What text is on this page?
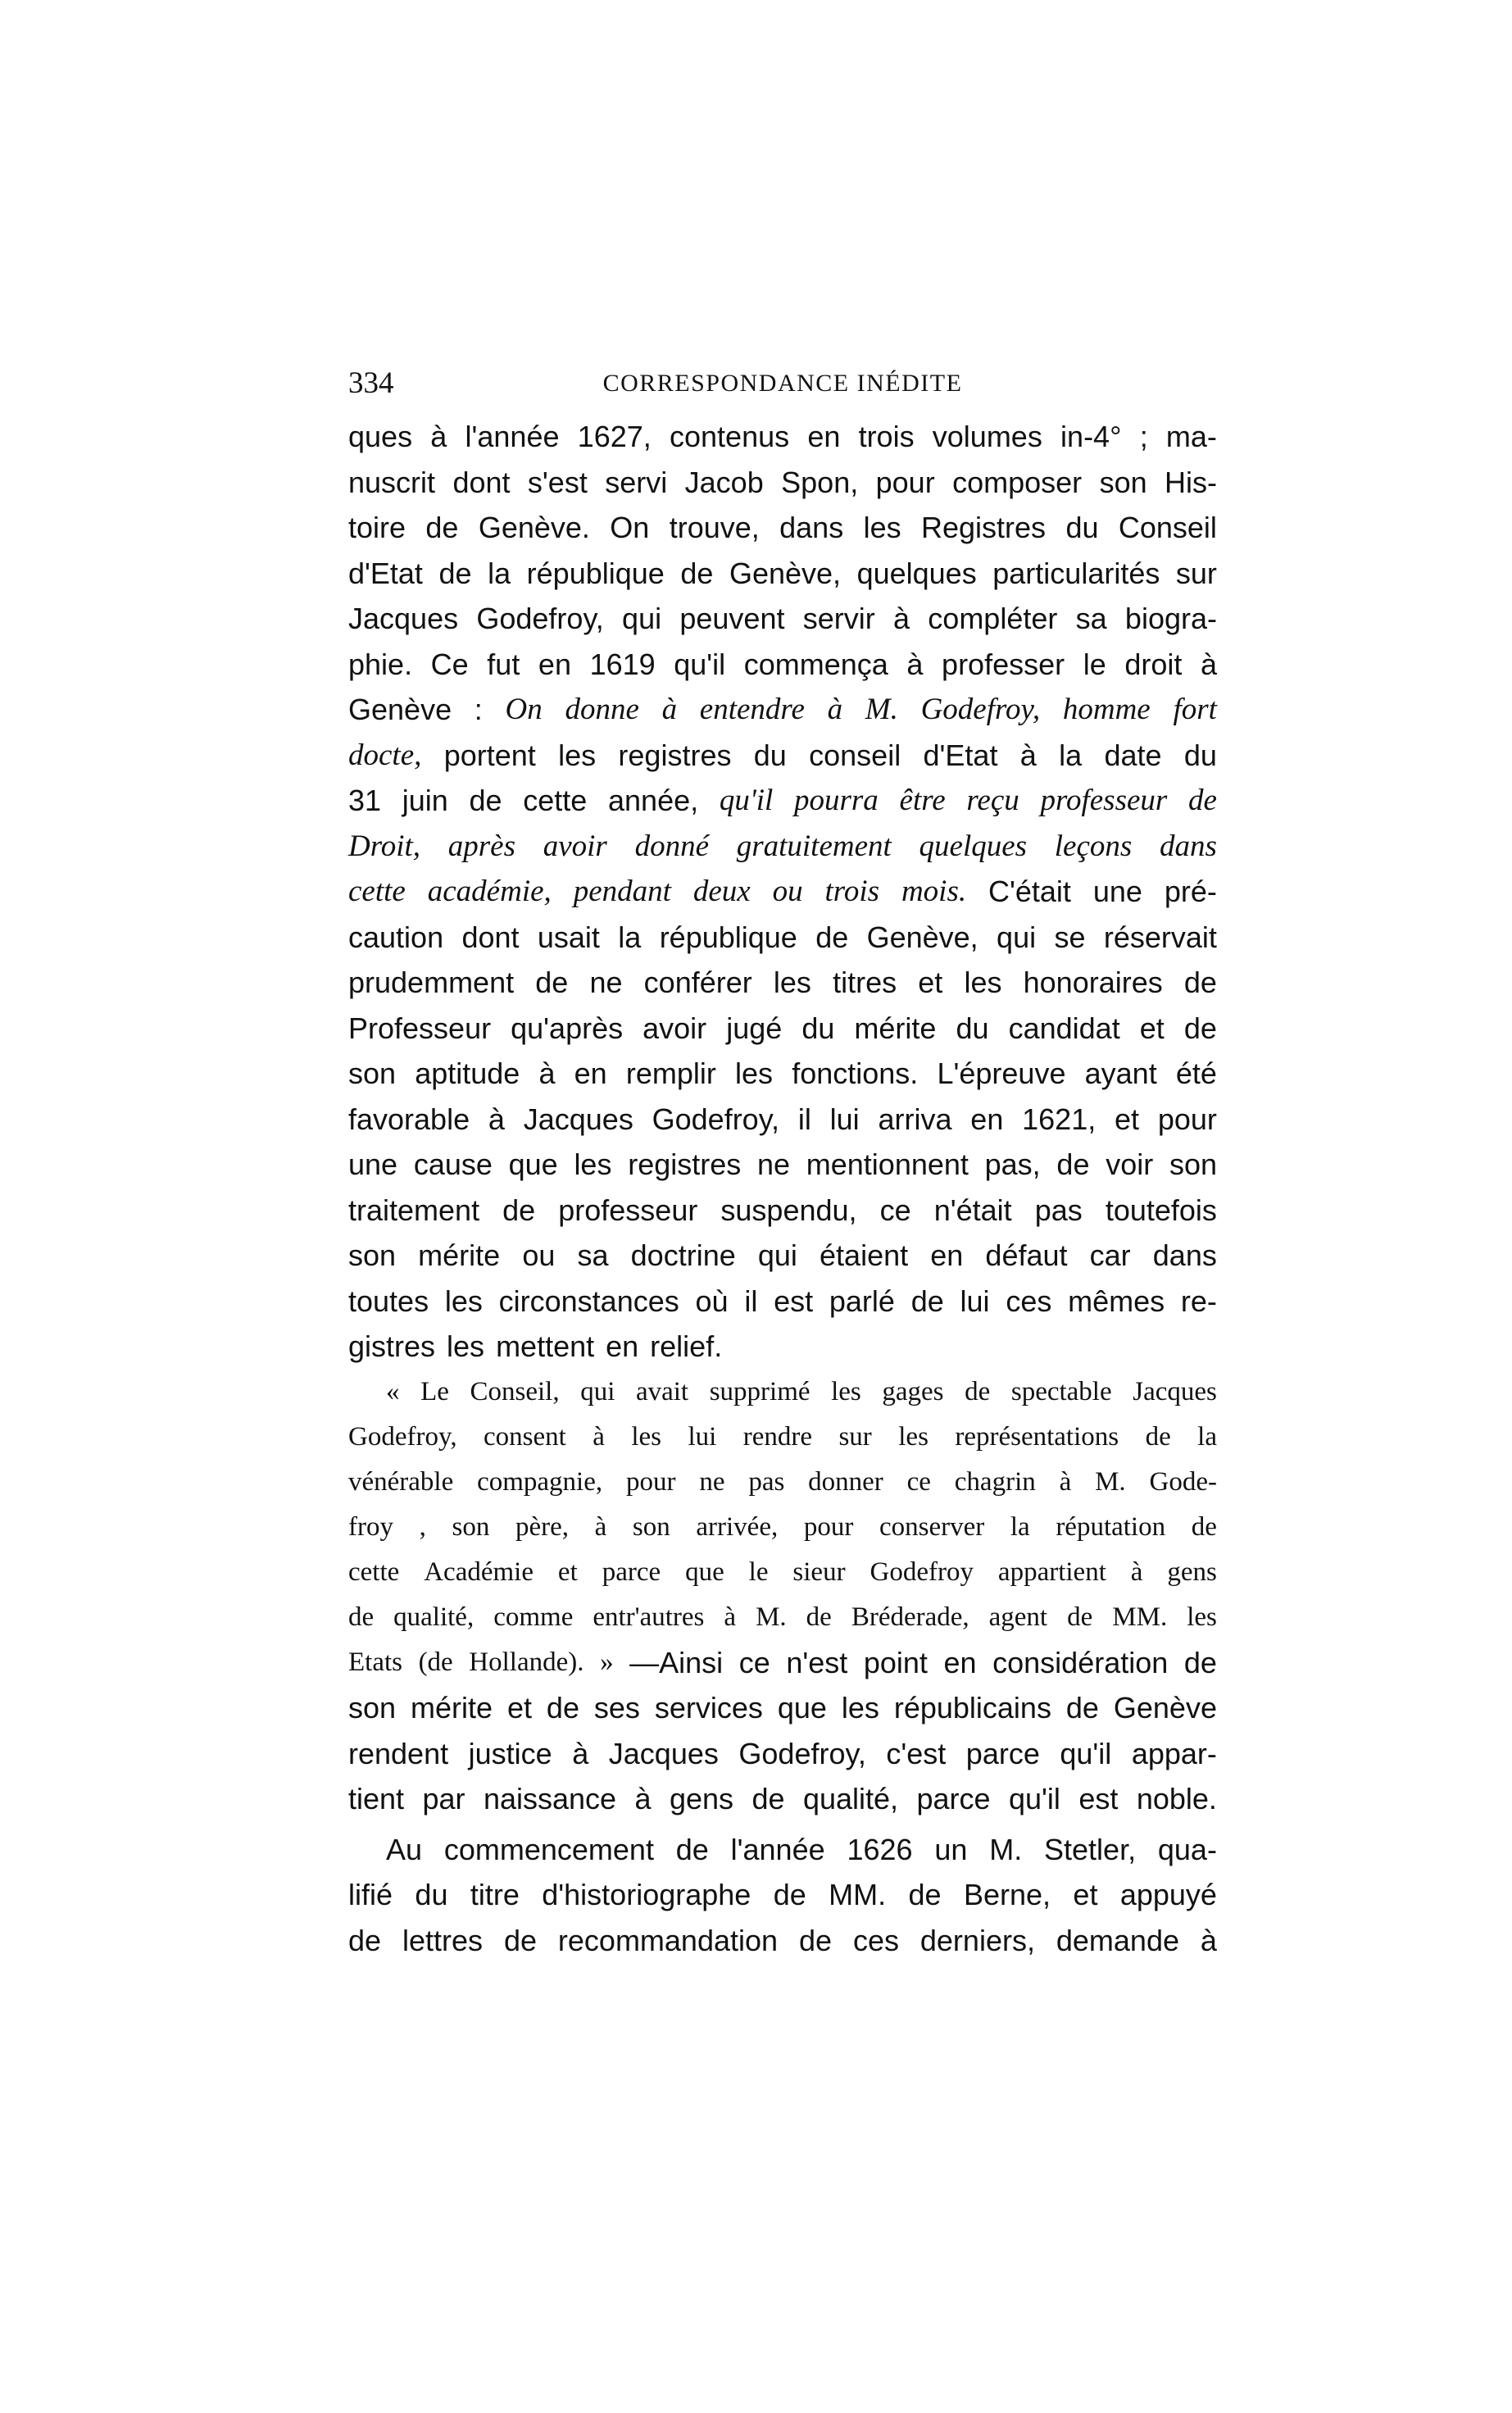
334	CORRESPONDANCE INÉDITE
ques à l'année 1627, contenus en trois volumes in-4° ; ma-
nuscrit dont s'est servi Jacob Spon, pour composer son His-
toire de Genève. On trouve, dans les Registres du Conseil
d'Etat de la république de Genève, quelques particularités sur
Jacques Godefroy, qui peuvent servir à compléter sa biogra-
phie. Ce fut en 1619 qu'il commença à professer le droit à
Genève : On donne à entendre à M. Godefroy, homme fort
docte, portent les registres du conseil d'Etat à la date du
31 juin de cette année, qu'il pourra être reçu professeur de
Droit, après avoir donné gratuitement quelques leçons dans
cette académie, pendant deux ou trois mois. C'était une pré-
caution dont usait la république de Genève, qui se réservait
prudemment de ne conférer les titres et les honoraires de
Professeur qu'après avoir jugé du mérite du candidat et de
son aptitude à en remplir les fonctions. L'épreuve ayant été
favorable à Jacques Godefroy, il lui arriva en 1621, et pour
une cause que les registres ne mentionnent pas, de voir son
traitement de professeur suspendu, ce n'était pas toutefois
son mérite ou sa doctrine qui étaient en défaut car dans
toutes les circonstances où il est parlé de lui ces mêmes re-
gistres les mettent en relief.
« Le Conseil, qui avait supprimé les gages de spectable Jacques
Godefroy, consent à les lui rendre sur les représentations de la
vénérable compagnie, pour ne pas donner ce chagrin à M. Gode-
froy , son père, à son arrivée, pour conserver la réputation de
cette Académie et parce que le sieur Godefroy appartient à gens
de qualité, comme entr'autres à M. de Bréderade, agent de MM. les
Etats (de Hollande). » —Ainsi ce n'est point en considération de
son mérite et de ses services que les républicains de Genève
rendent justice à Jacques Godefroy, c'est parce qu'il appar-
tient par naissance à gens de qualité, parce qu'il est noble.
Au commencement de l'année 1626 un M. Stetler, qua-
lifié du titre d'historiographe de MM. de Berne, et appuyé
de lettres de recommandation de ces derniers, demande à
